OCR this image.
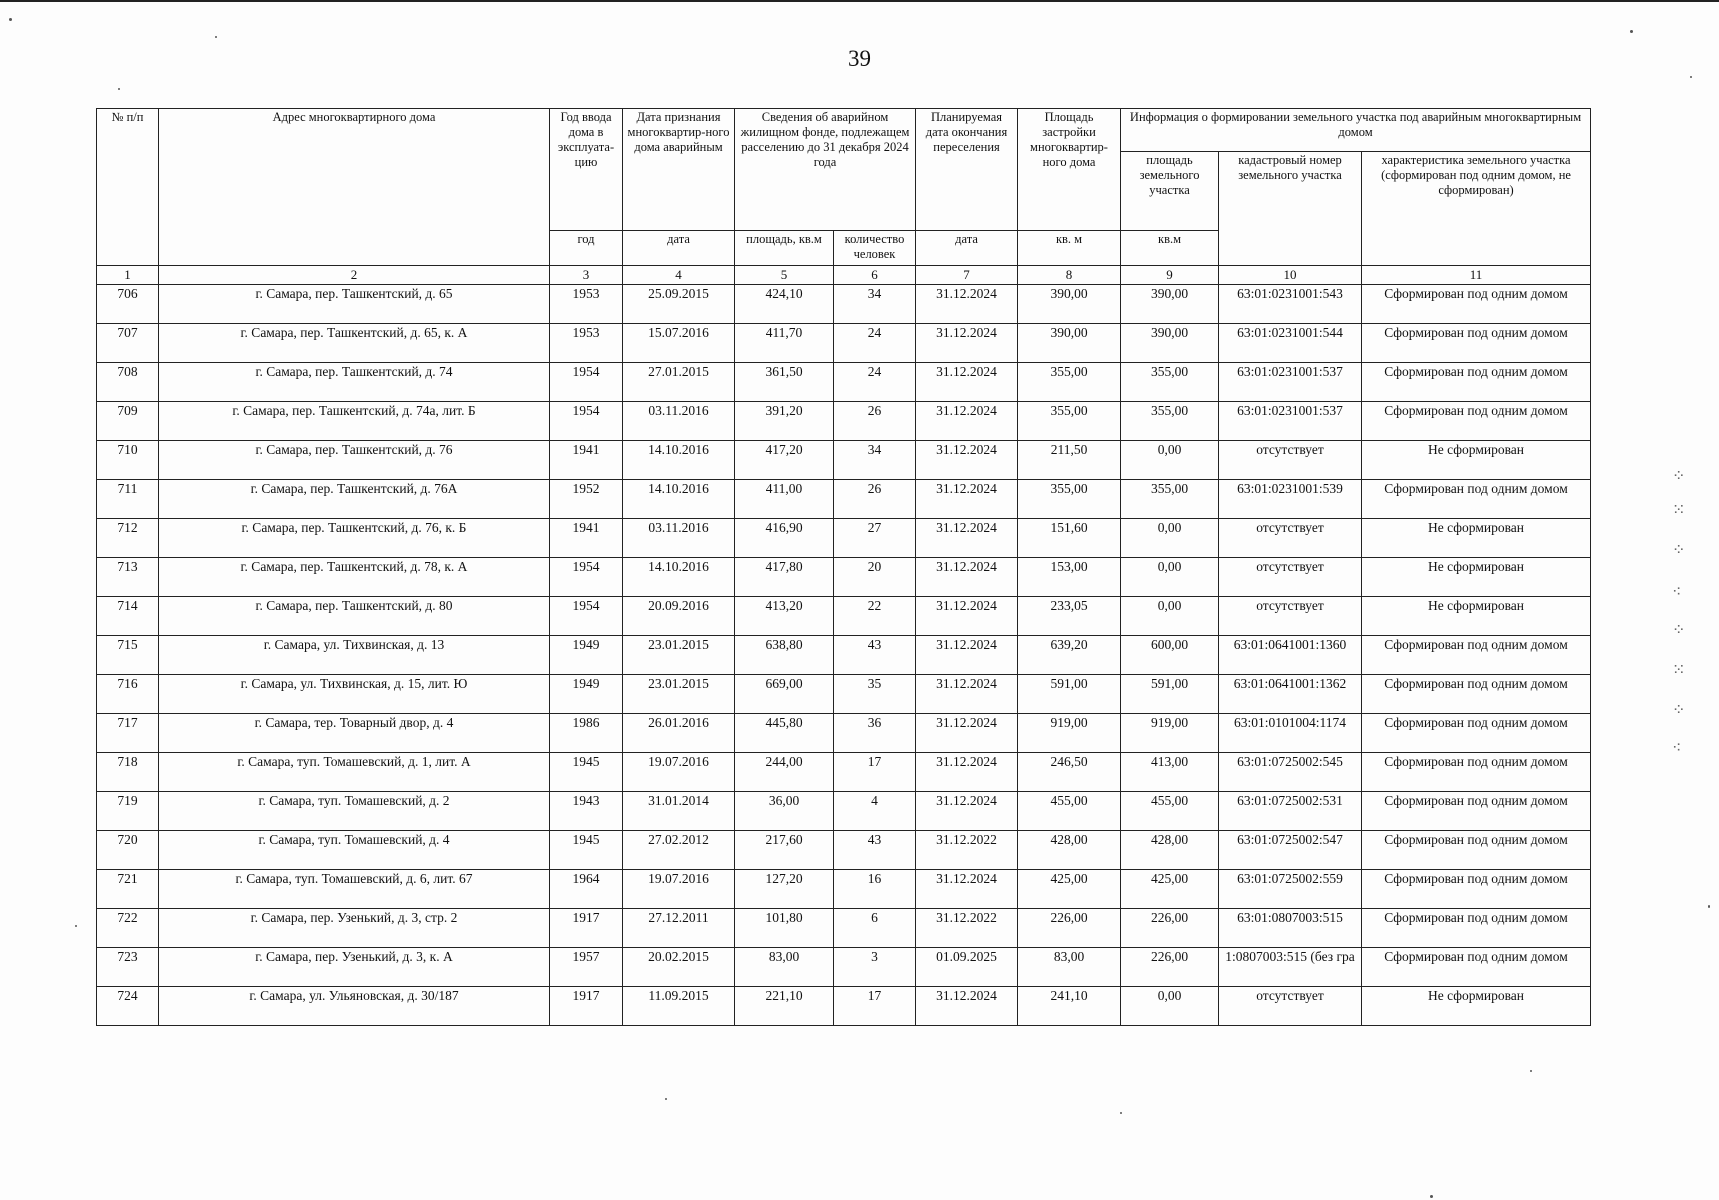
39
№ п/п	Адрес многоквартирного дома	Год ввода дома в эксплуата-цию	Дата признания многоквартир-ного дома аварийным	Сведения об аварийном жилищном фонде, подлежащем расселению до 31 декабря 2024 года		Планируемая дата окончания переселения	Площадь застройки многоквартир-ного дома	Информация о формировании земельного участка под аварийным многоквартирным домом		
								площадь земельного участка	кадастровый номер земельного участка	характеристика земельного участка (сформирован под одним домом, не сформирован)
		год	дата	площадь, кв.м	количество человек	дата	кв. м	кв.м		
1	2	3	4	5	6	7	8	9	10	11
706	г. Самара, пер. Ташкентский, д. 65	1953	25.09.2015	424,10	34	31.12.2024	390,00	390,00	63:01:0231001:543	Сформирован под одним домом
707	г. Самара, пер. Ташкентский, д. 65, к. А	1953	15.07.2016	411,70	24	31.12.2024	390,00	390,00	63:01:0231001:544	Сформирован под одним домом
708	г. Самара, пер. Ташкентский, д. 74	1954	27.01.2015	361,50	24	31.12.2024	355,00	355,00	63:01:0231001:537	Сформирован под одним домом
709	г. Самара, пер. Ташкентский, д. 74а, лит. Б	1954	03.11.2016	391,20	26	31.12.2024	355,00	355,00	63:01:0231001:537	Сформирован под одним домом
710	г. Самара, пер. Ташкентский, д. 76	1941	14.10.2016	417,20	34	31.12.2024	211,50	0,00	отсутствует	Не сформирован
711	г. Самара, пер. Ташкентский, д. 76А	1952	14.10.2016	411,00	26	31.12.2024	355,00	355,00	63:01:0231001:539	Сформирован под одним домом
712	г. Самара, пер. Ташкентский, д. 76, к. Б	1941	03.11.2016	416,90	27	31.12.2024	151,60	0,00	отсутствует	Не сформирован
713	г. Самара, пер. Ташкентский, д. 78, к. А	1954	14.10.2016	417,80	20	31.12.2024	153,00	0,00	отсутствует	Не сформирован
714	г. Самара, пер. Ташкентский, д. 80	1954	20.09.2016	413,20	22	31.12.2024	233,05	0,00	отсутствует	Не сформирован
715	г. Самара, ул. Тихвинская, д. 13	1949	23.01.2015	638,80	43	31.12.2024	639,20	600,00	63:01:0641001:1360	Сформирован под одним домом
716	г. Самара, ул. Тихвинская, д. 15, лит. Ю	1949	23.01.2015	669,00	35	31.12.2024	591,00	591,00	63:01:0641001:1362	Сформирован под одним домом
717	г. Самара, тер. Товарный двор, д. 4	1986	26.01.2016	445,80	36	31.12.2024	919,00	919,00	63:01:0101004:1174	Сформирован под одним домом
718	г. Самара, туп. Томашевский, д. 1, лит. А	1945	19.07.2016	244,00	17	31.12.2024	246,50	413,00	63:01:0725002:545	Сформирован под одним домом
719	г. Самара, туп. Томашевский, д. 2	1943	31.01.2014	36,00	4	31.12.2024	455,00	455,00	63:01:0725002:531	Сформирован под одним домом
720	г. Самара, туп. Томашевский, д. 4	1945	27.02.2012	217,60	43	31.12.2022	428,00	428,00	63:01:0725002:547	Сформирован под одним домом
721	г. Самара, туп. Томашевский, д. 6, лит. 67	1964	19.07.2016	127,20	16	31.12.2024	425,00	425,00	63:01:0725002:559	Сформирован под одним домом
722	г. Самара, пер. Узенький, д. 3, стр. 2	1917	27.12.2011	101,80	6	31.12.2022	226,00	226,00	63:01:0807003:515	Сформирован под одним домом
723	г. Самара, пер. Узенький, д. 3, к. А	1957	20.02.2015	83,00	3	01.09.2025	83,00	226,00	1:0807003:515 (без гра	Сформирован под одним домом
724	г. Самара, ул. Ульяновская, д. 30/187	1917	11.09.2015	221,10	17	31.12.2024	241,10	0,00	отсутствует	Не сформирован
⁘
⁙
⁘
⁖
⁘
⁙
⁘
⁖
